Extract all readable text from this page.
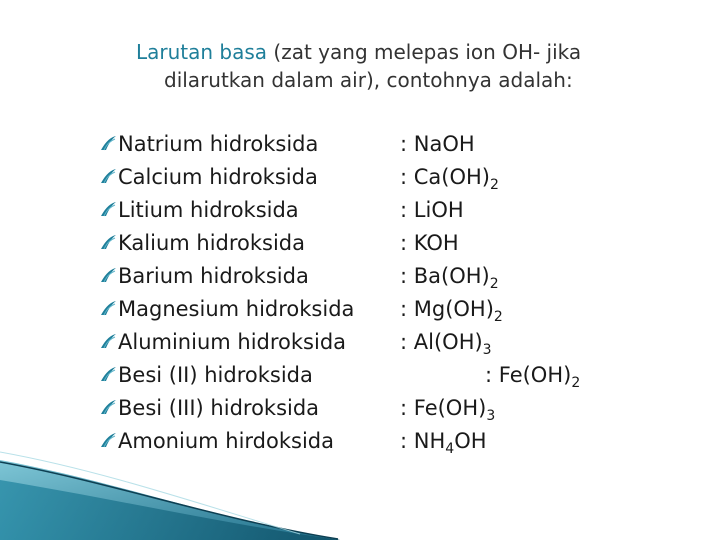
Larutan basa (zat yang melepas ion OH- jika
dilarutkan dalam air), contohnya adalah:
Natrium hidroksida	: NaOH
Calcium hidroksida	: $Ca(OH)_2$
Litium hidroksida	: LiOH
Kalium hidroksida	: KOH
Barium hidroksida	: $Ba(OH)_2$
Magnesium hidroksida : $Mg(OH)_2$
Aluminium hidroksida	: $Al(OH)_3$
Besi (II) hidroksida	: $Fe(OH)_2$
Besi (III) hidroksida	: $Fe(OH)_3$
Amonium hirdoksida	: $NH_4OH$
